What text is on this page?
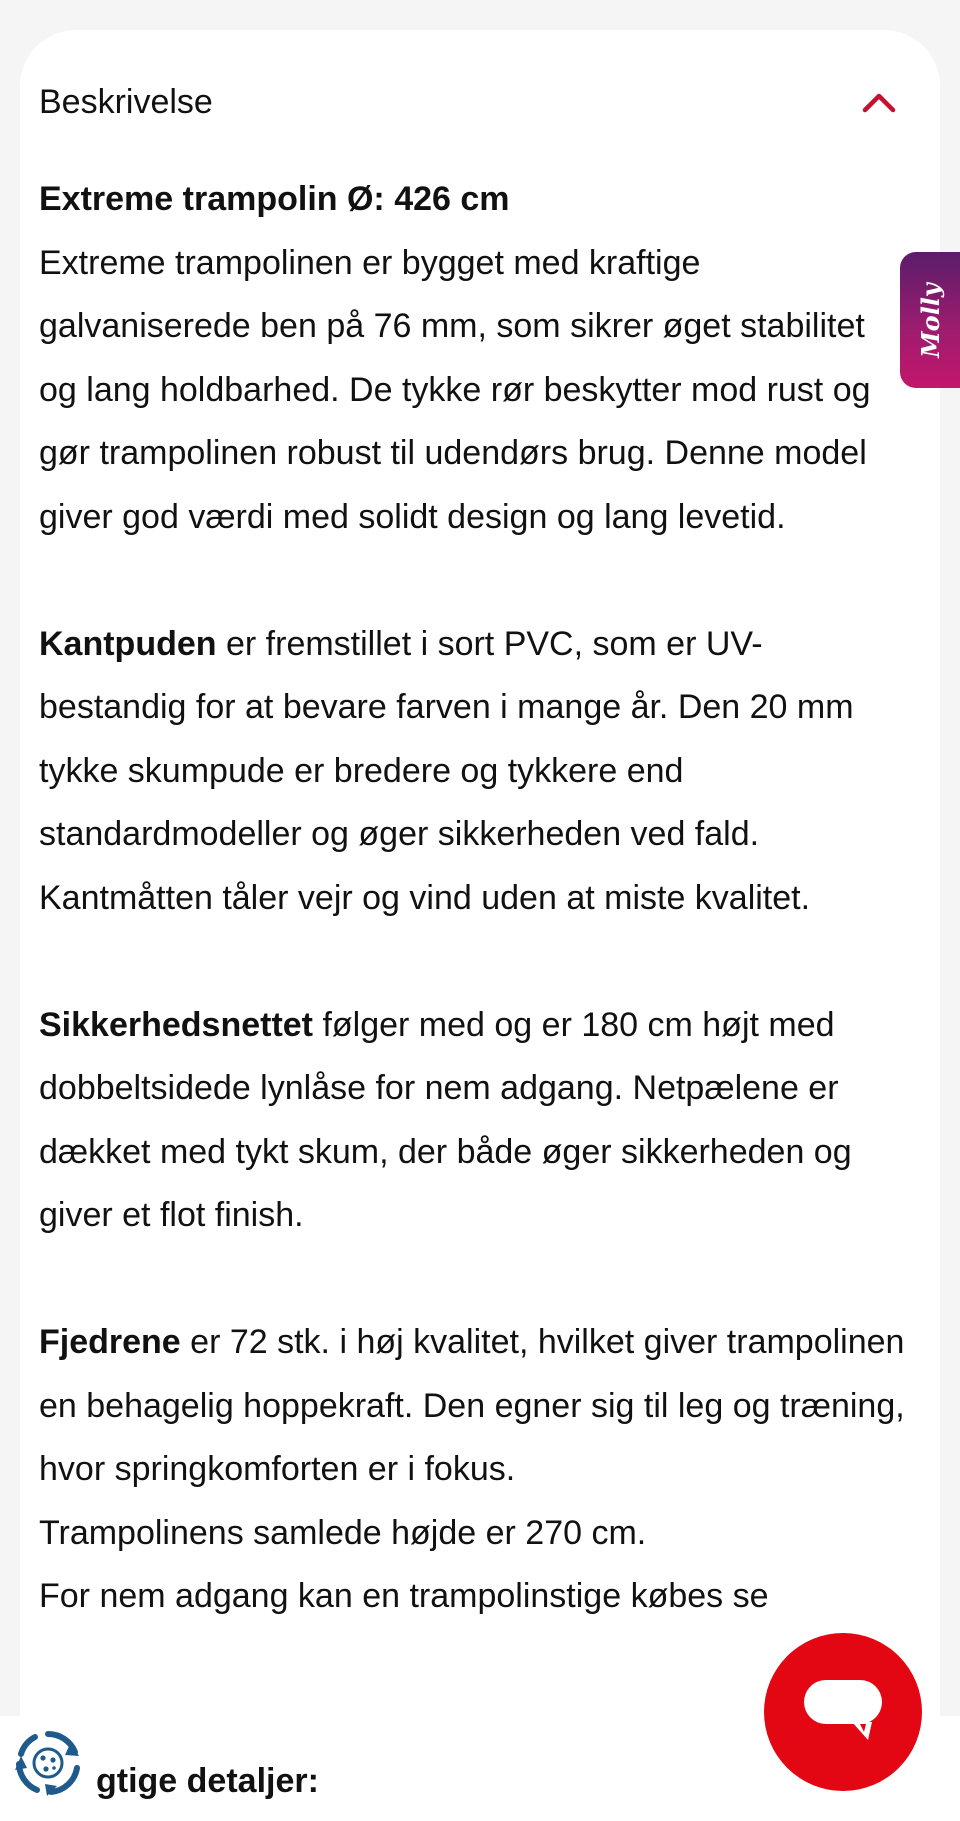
Beskrivelse

Extreme trampolin Ø: 426 cm

Extreme trampolinen er bygget med kraftige galvaniserede ben på 76 mm, som sikrer øget stabilitet og lang holdbarhed. De tykke rør beskytter mod rust og gør trampolinen robust til udendørs brug. Denne model giver god værdi med solidt design og lang levetid.

Kantpuden er fremstillet i sort PVC, som er UV-bestandig for at bevare farven i mange år. Den 20 mm tykke skumpude er bredere og tykkere end standardmodeller og øger sikkerheden ved fald. Kantmåtten tåler vejr og vind uden at miste kvalitet.

Sikkerhedsnettet følger med og er 180 cm højt med dobbeltsidede lynlåse for nem adgang. Netpælene er dækket med tykt skum, der både øger sikkerheden og giver et flot finish.

Fjedrene er 72 stk. i høj kvalitet, hvilket giver trampolinen en behagelig hoppekraft. Den egner sig til leg og træning, hvor springkomforten er i fokus.

Trampolinens samlede højde er 270 cm.

For nem adgang kan en trampolinstige købes se

Molly
gtige detaljer:
